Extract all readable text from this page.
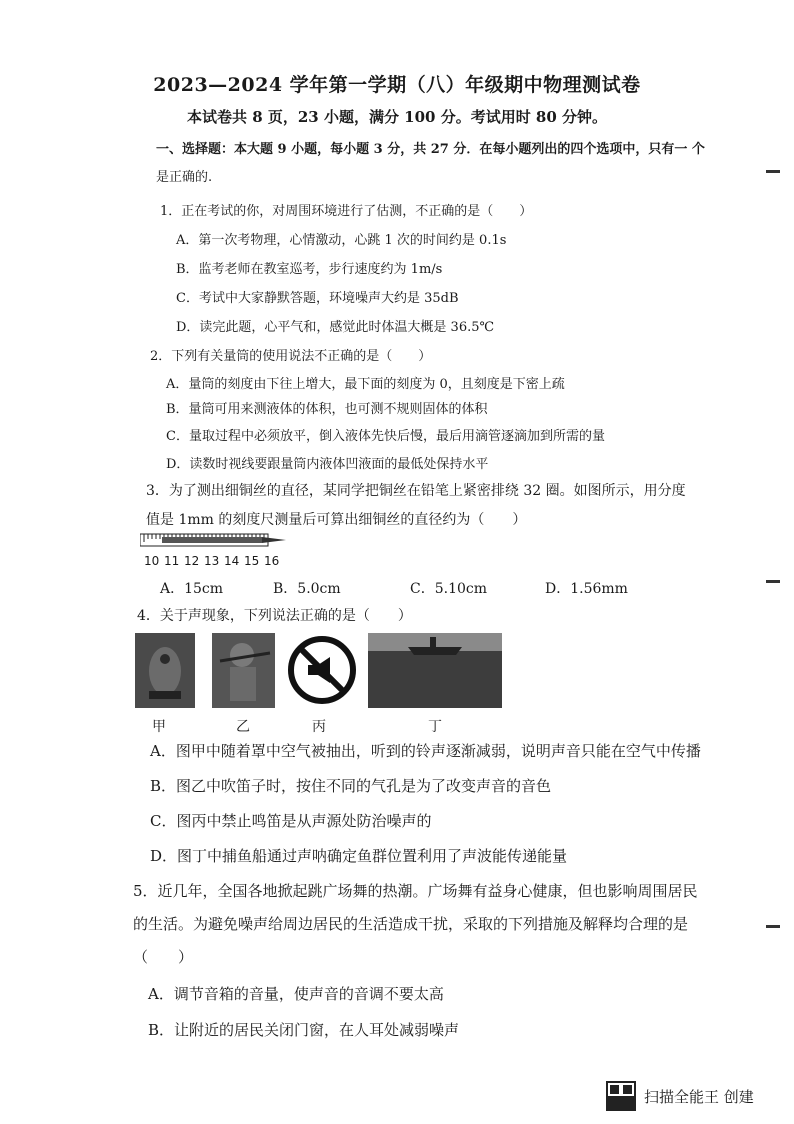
2023—2024 学年第一学期（八）年级期中物理测试卷
本试卷共 8 页，23 小题，满分 100 分。考试用时 80 分钟。
一、选择题：本大题 9 小题，每小题 3 分，共 27 分．在每小题列出的四个选项中，只有一 个
是正确的.
1．正在考试的你，对周围环境进行了估测，不正确的是（　　）
A．第一次考物理，心情激动，心跳 1 次的时间约是 0.1s
B．监考老师在教室巡考，步行速度约为 1m/s
C．考试中大家静默答题，环境噪声大约是 35dB
D．读完此题，心平气和，感觉此时体温大概是 36.5℃
2．下列有关量筒的使用说法不正确的是（　　）
A．量筒的刻度由下往上增大，最下面的刻度为 0，且刻度是下密上疏
B．量筒可用来测液体的体积，也可测不规则固体的体积
C．量取过程中必须放平，倒入液体先快后慢，最后用滴管逐滴加到所需的量
D．读数时视线要跟量筒内液体凹液面的最低处保持水平
3．为了测出细铜丝的直径，某同学把铜丝在铅笔上紧密排绕 32 圈。如图所示，用分度
值是 1mm 的刻度尺测量后可算出细铜丝的直径约为（　　）
10 11 12 13 14 15 16
A．15cm	B．5.0cm	C．5.10cm	D．1.56mm
4．关于声现象，下列说法正确的是（　　）
甲	乙	丙	丁
A．图甲中随着罩中空气被抽出，听到的铃声逐渐减弱，说明声音只能在空气中传播
B．图乙中吹笛子时，按住不同的气孔是为了改变声音的音色
C．图丙中禁止鸣笛是从声源处防治噪声的
D．图丁中捕鱼船通过声呐确定鱼群位置利用了声波能传递能量
5．近几年，全国各地掀起跳广场舞的热潮。广场舞有益身心健康，但也影响周围居民
的生活。为避免噪声给周边居民的生活造成干扰，采取的下列措施及解释均合理的是
（　　）
A．调节音箱的音量，使声音的音调不要太高
B．让附近的居民关闭门窗，在人耳处减弱噪声
扫描全能王 创建
